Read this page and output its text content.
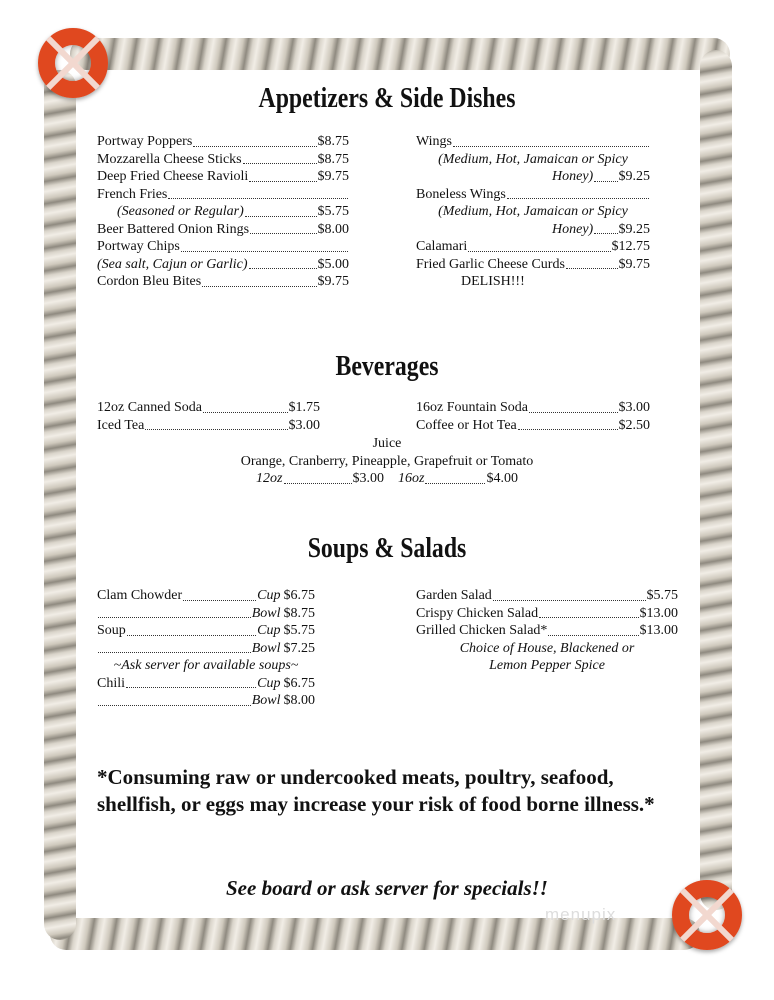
Appetizers & Side Dishes
Portway Poppers	$8.75
Mozzarella Cheese Sticks	$8.75
Deep Fried Cheese Ravioli	$9.75
French Fries
(Seasoned or Regular)	$5.75
Beer Battered Onion Rings	$8.00
Portway Chips
(Sea salt, Cajun or Garlic)	$5.00
Cordon Bleu Bites	$9.75
Wings
(Medium, Hot, Jamaican or Spicy
Honey) $9.25
Boneless Wings
(Medium, Hot, Jamaican or Spicy
Honey) $9.25
Calamari	$12.75
Fried Garlic Cheese Curds	$9.75
DELISH!!!
Beverages
12oz Canned Soda	$1.75
Iced Tea	$3.00
16oz Fountain Soda	$3.00
Coffee or Hot Tea	$2.50
Juice
Orange, Cranberry, Pineapple, Grapefruit or Tomato
12oz	$3.00 16oz	$4.00
Soups & Salads
Clam Chowder	Cup $6.75
Bowl $8.75
Soup	Cup $5.75
Bowl $7.25
~Ask server for available soups~
Chili	Cup $6.75
Bowl $8.00
Garden Salad	$5.75
Crispy Chicken Salad	$13.00
Grilled Chicken Salad*	$13.00
Choice of House, Blackened or
Lemon Pepper Spice
*Consuming raw or undercooked meats, poultry, seafood, shellfish, or eggs may increase your risk of food borne illness.*
See board or ask server for specials!!
menupix
